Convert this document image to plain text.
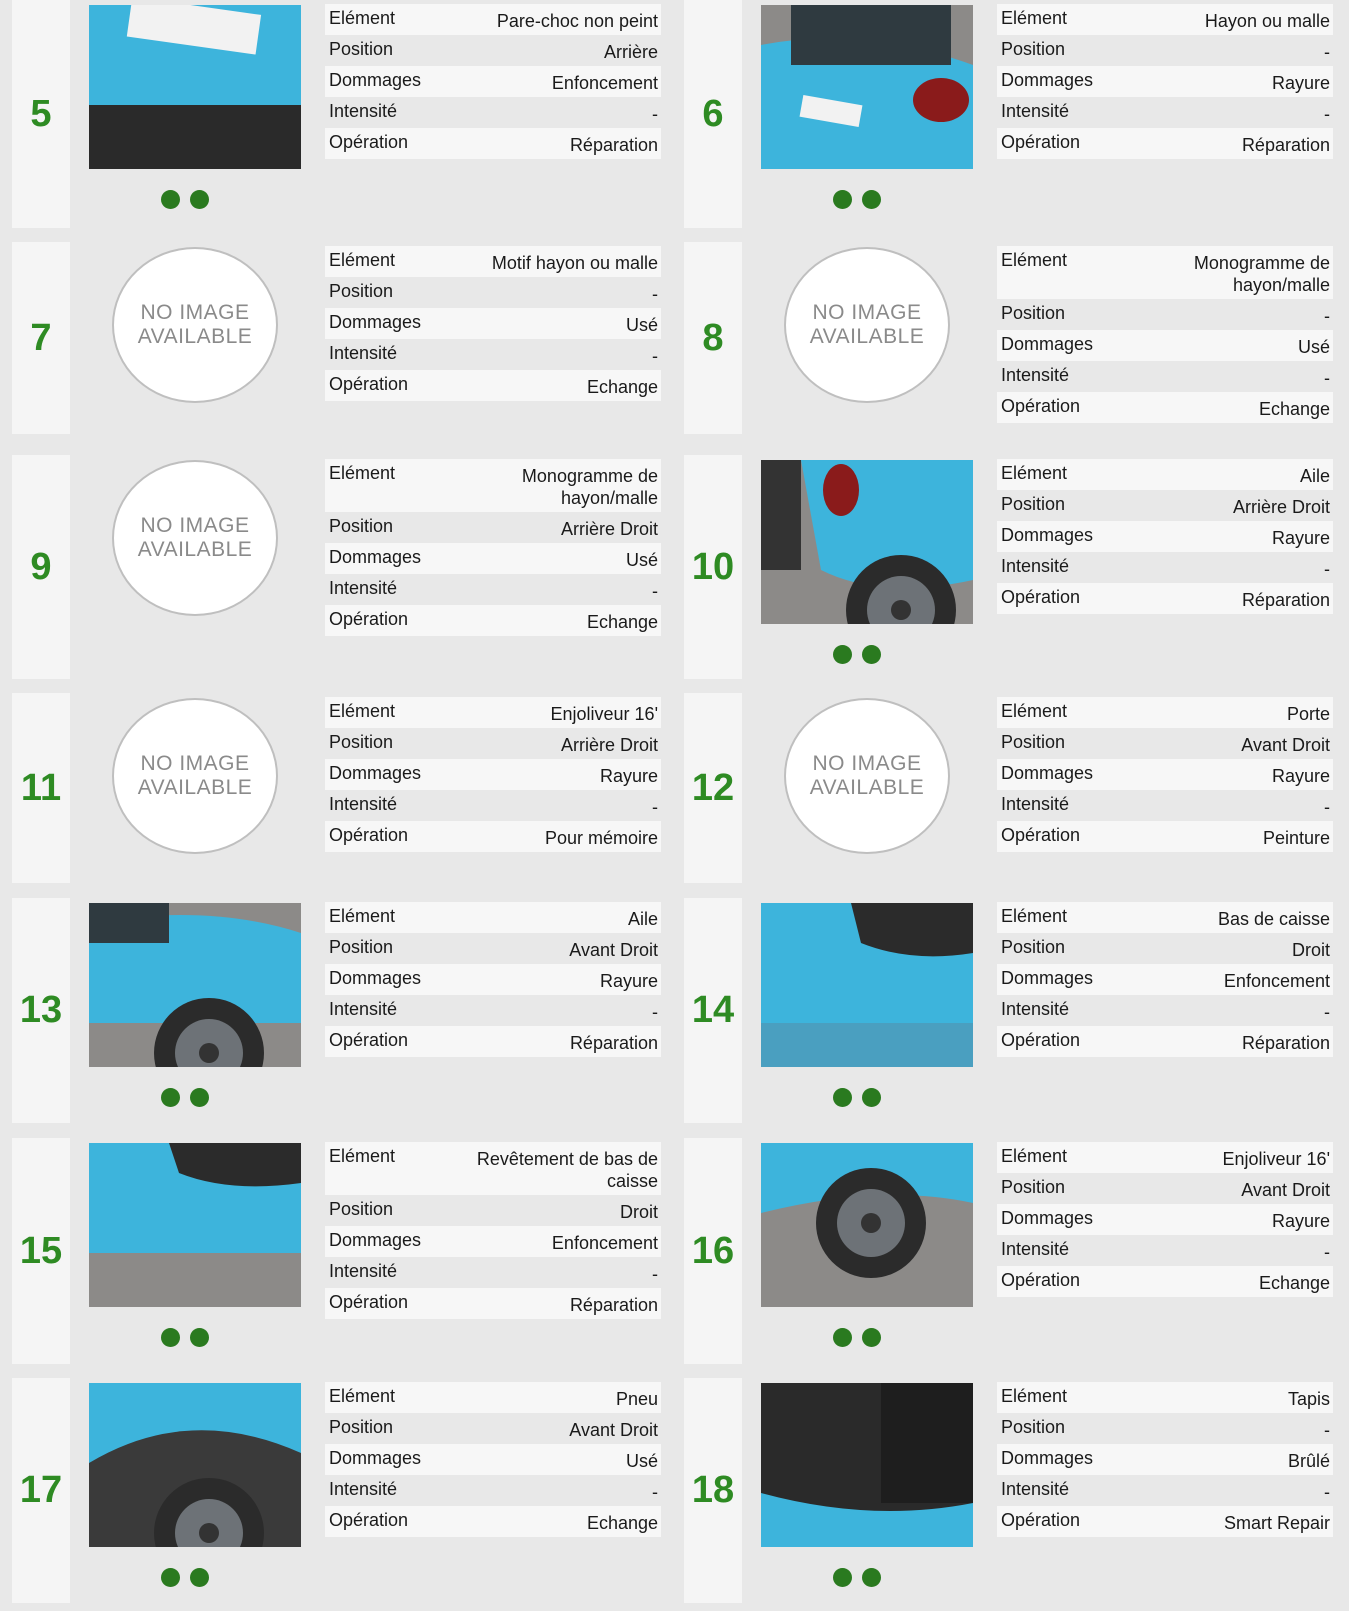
5
Elément	Pare-choc non peint
Position	Arrière
Dommages	Enfoncement
Intensité	-
Opération	Réparation
6
Elément	Hayon ou malle
Position	-
Dommages	Rayure
Intensité	-
Opération	Réparation
7
NO IMAGE
AVAILABLE
Elément	Motif hayon ou malle
Position	-
Dommages	Usé
Intensité	-
Opération	Echange
8
NO IMAGE
AVAILABLE
Elément	Monogramme de hayon/malle
Position	-
Dommages	Usé
Intensité	-
Opération	Echange
9
NO IMAGE
AVAILABLE
Elément	Monogramme de hayon/malle
Position	Arrière Droit
Dommages	Usé
Intensité	-
Opération	Echange
10
Elément	Aile
Position	Arrière Droit
Dommages	Rayure
Intensité	-
Opération	Réparation
11
NO IMAGE
AVAILABLE
Elément	Enjoliveur 16'
Position	Arrière Droit
Dommages	Rayure
Intensité	-
Opération	Pour mémoire
12
NO IMAGE
AVAILABLE
Elément	Porte
Position	Avant Droit
Dommages	Rayure
Intensité	-
Opération	Peinture
13
Elément	Aile
Position	Avant Droit
Dommages	Rayure
Intensité	-
Opération	Réparation
14
Elément	Bas de caisse
Position	Droit
Dommages	Enfoncement
Intensité	-
Opération	Réparation
15
Elément	Revêtement de bas de caisse
Position	Droit
Dommages	Enfoncement
Intensité	-
Opération	Réparation
16
Elément	Enjoliveur 16'
Position	Avant Droit
Dommages	Rayure
Intensité	-
Opération	Echange
17
Elément	Pneu
Position	Avant Droit
Dommages	Usé
Intensité	-
Opération	Echange
18
Elément	Tapis
Position	-
Dommages	Brûlé
Intensité	-
Opération	Smart Repair
